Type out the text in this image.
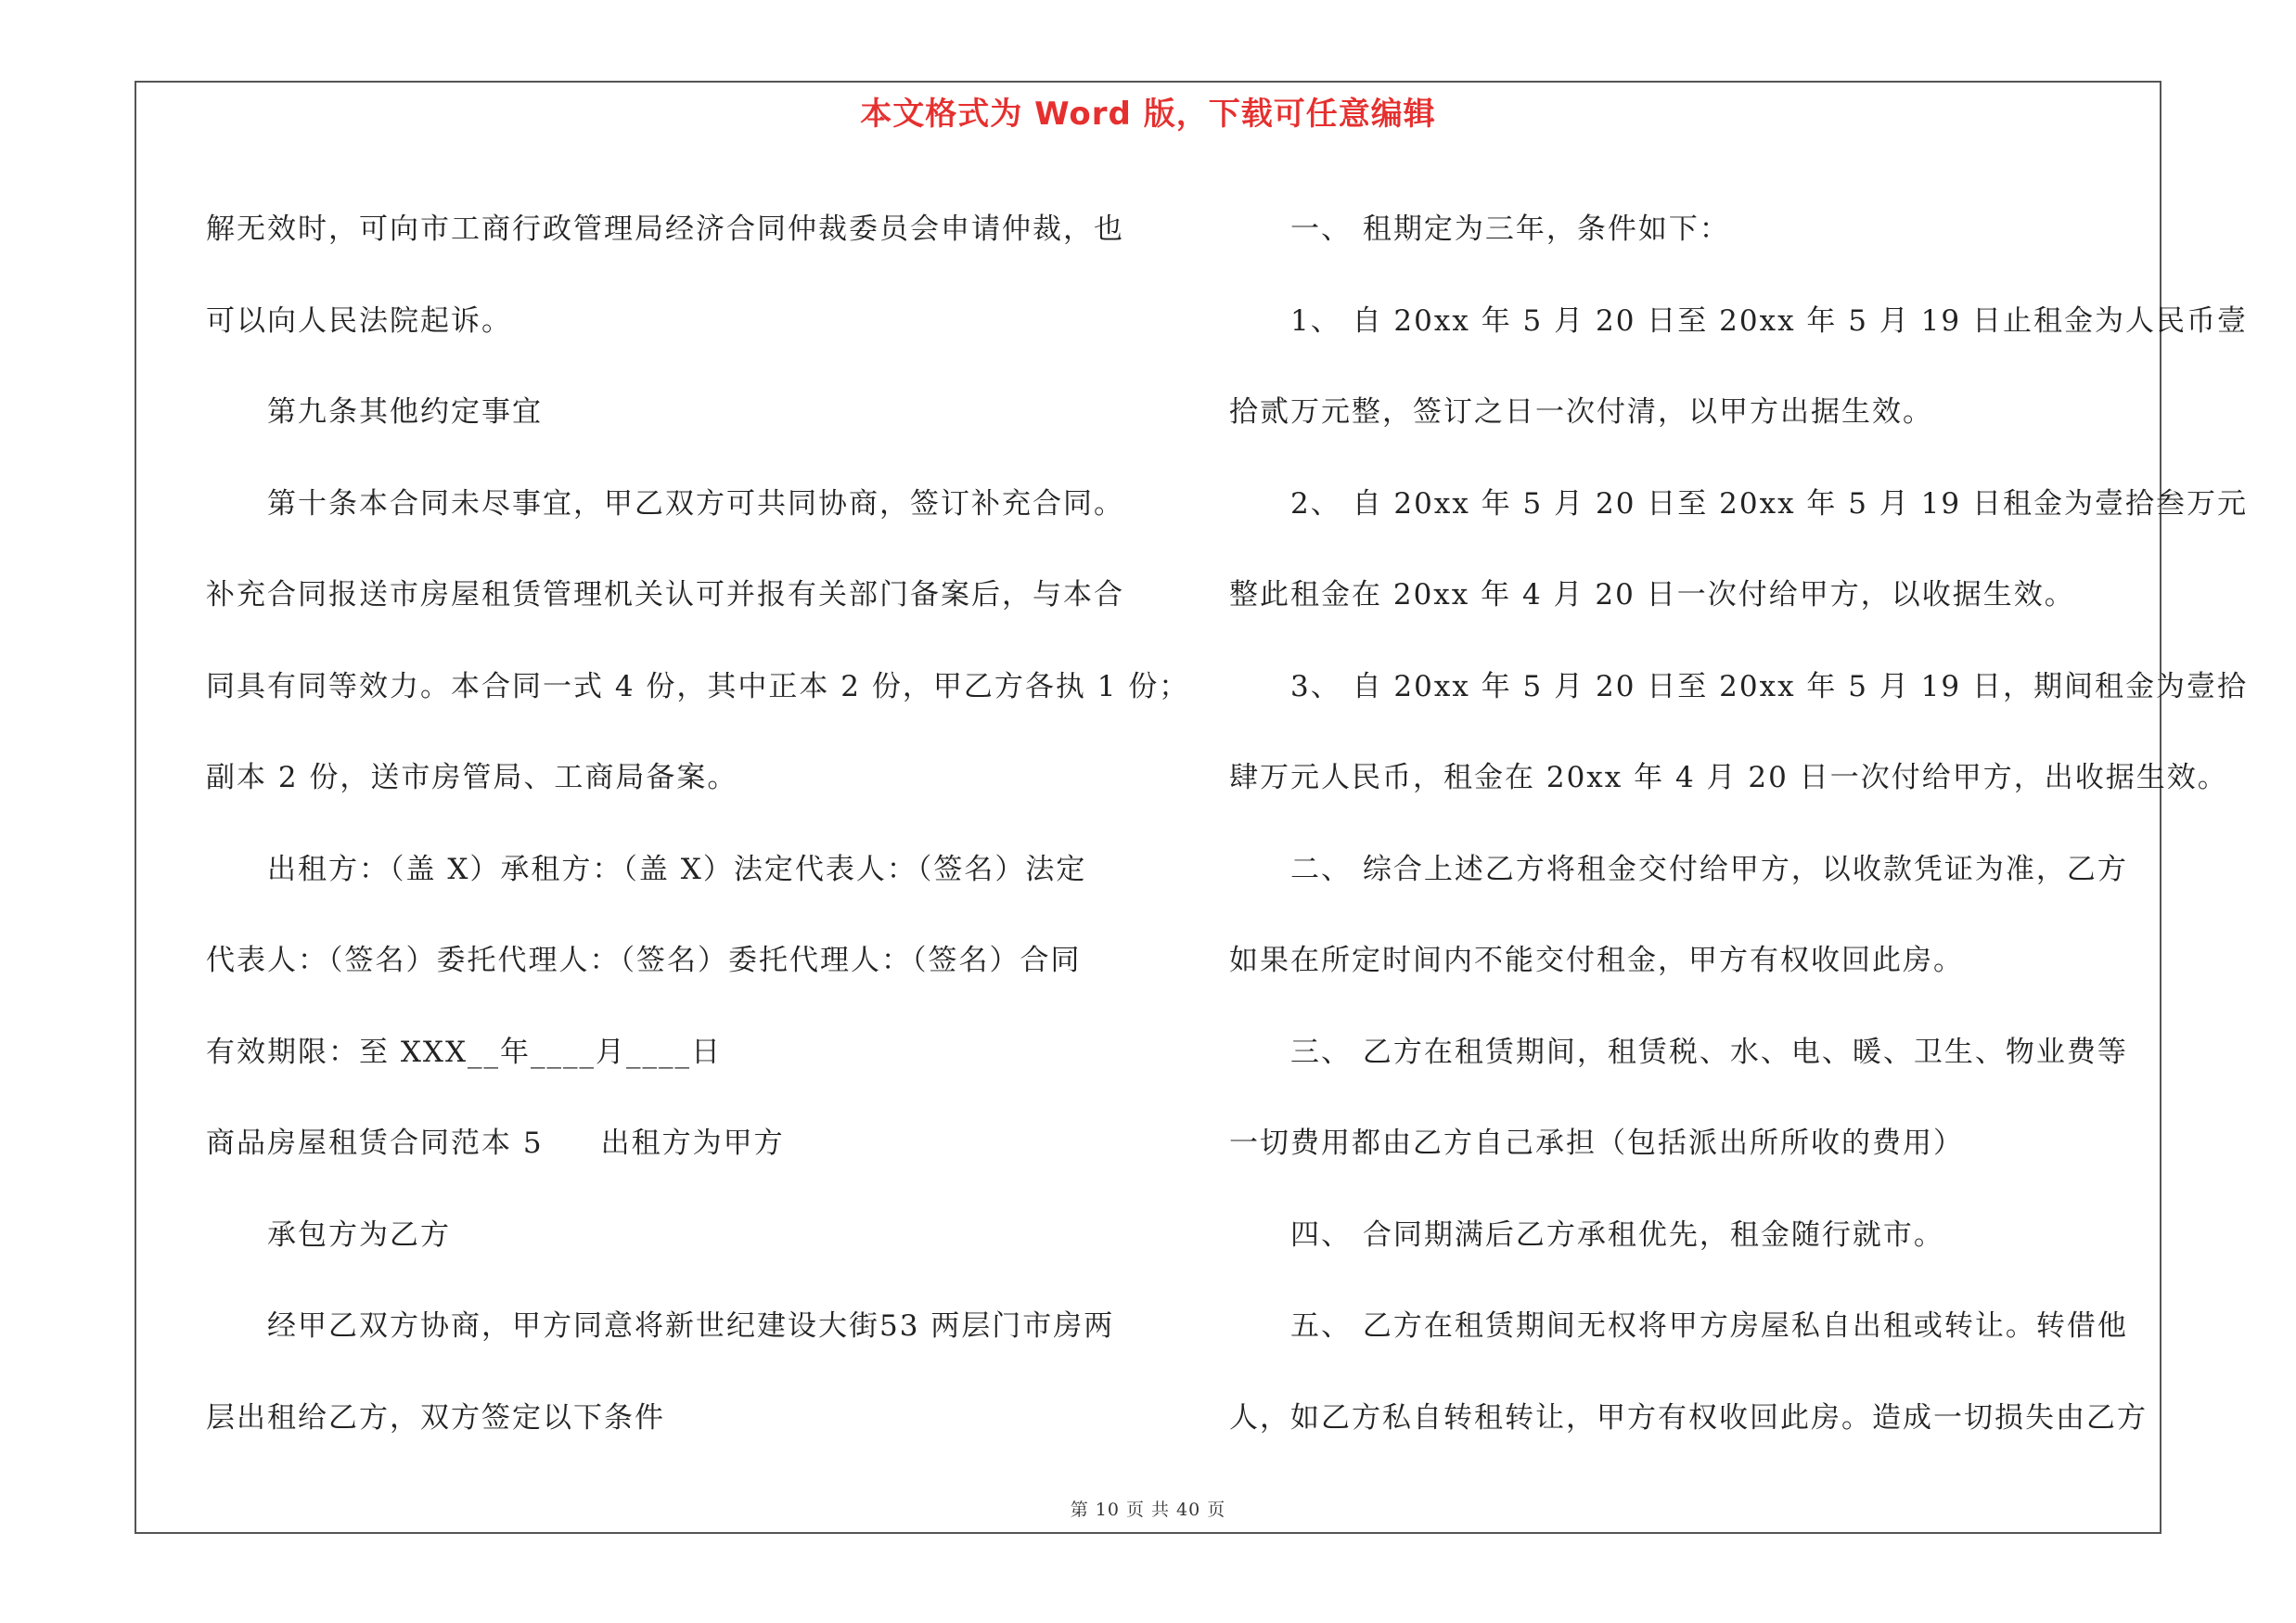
本文格式为 Word 版，下载可任意编辑
解无效时，可向市工商行政管理局经济合同仲裁委员会申请仲裁，也
可以向人民法院起诉。
第九条其他约定事宜
第十条本合同未尽事宜，甲乙双方可共同协商，签订补充合同。
补充合同报送市房屋租赁管理机关认可并报有关部门备案后，与本合
同具有同等效力。本合同一式 4 份，其中正本 2 份，甲乙方各执 1 份；
副本 2 份，送市房管局、工商局备案。
出租方：（盖 X）承租方：（盖 X）法定代表人：（签名）法定
代表人：（签名）委托代理人：（签名）委托代理人：（签名）合同
有效期限：至 XXX__年____月____日
商品房屋租赁合同范本 5 出租方为甲方
承包方为乙方
经甲乙双方协商，甲方同意将新世纪建设大街53 两层门市房两
层出租给乙方，双方签定以下条件
一、 租期定为三年，条件如下：
1、 自 20xx 年 5 月 20 日至 20xx 年 5 月 19 日止租金为人民币壹
拾贰万元整，签订之日一次付清，以甲方出据生效。
2、 自 20xx 年 5 月 20 日至 20xx 年 5 月 19 日租金为壹拾叁万元
整此租金在 20xx 年 4 月 20 日一次付给甲方，以收据生效。
3、 自 20xx 年 5 月 20 日至 20xx 年 5 月 19 日，期间租金为壹拾
肆万元人民币，租金在 20xx 年 4 月 20 日一次付给甲方，出收据生效。
二、 综合上述乙方将租金交付给甲方，以收款凭证为准，乙方
如果在所定时间内不能交付租金，甲方有权收回此房。
三、 乙方在租赁期间，租赁税、水、电、暖、卫生、物业费等
一切费用都由乙方自己承担（包括派出所所收的费用）
四、 合同期满后乙方承租优先，租金随行就市。
五、 乙方在租赁期间无权将甲方房屋私自出租或转让。转借他
人，如乙方私自转租转让，甲方有权收回此房。造成一切损失由乙方
第 10 页 共 40 页
